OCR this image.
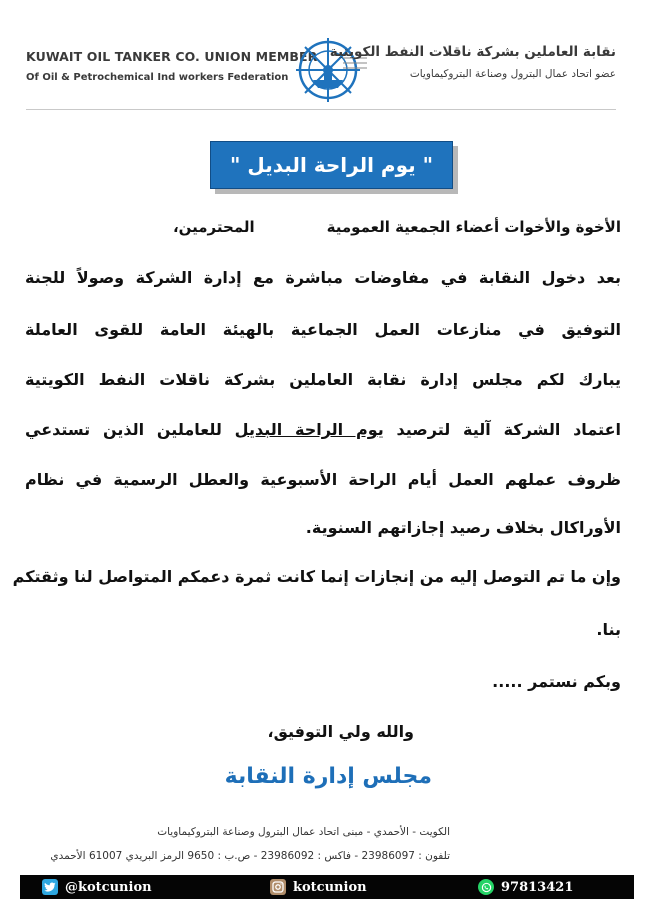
KUWAIT OIL TANKER CO. UNION MEMBER
Of Oil & Petrochemical Ind workers Federation
نقابة العاملين بشركة ناقلات النفط الكويتية
عضو اتحاد عمال البترول وصناعة البتروكيماويات
" يوم الراحة البديل "
الأخوة والأخوات أعضاء الجمعية العموميةالمحترمين،
بعد دخول النقابة في مفاوضات مباشرة مع إدارة الشركة وصولاً للجنة
التوفيق في منازعات العمل الجماعية بالهيئة العامة للقوى العاملة
يبارك لكم مجلس إدارة نقابة العاملين بشركة ناقلات النفط الكويتية
اعتماد الشركة آلية لترصيد يوم الراحة البديل للعاملين الذين تستدعي
ظروف عملهم العمل أيام الراحة الأسبوعية والعطل الرسمية في نظام
الأوراكال بخلاف رصيد إجازاتهم السنوية.
وإن ما تم التوصل إليه من إنجازات إنما كانت ثمرة دعمكم المتواصل لنا وثقتكم
بنا.
وبكم نستمر .....
والله ولي التوفيق،
مجلس إدارة النقابة
الكويت - الأحمدي - مبنى اتحاد عمال البترول وصناعة البتروكيماويات
تلفون : 23986097 - فاكس : 23986092 - ص.ب : 9650 الرمز البريدي 61007 الأحمدي
@kotcunion	kotcunion	97813421
